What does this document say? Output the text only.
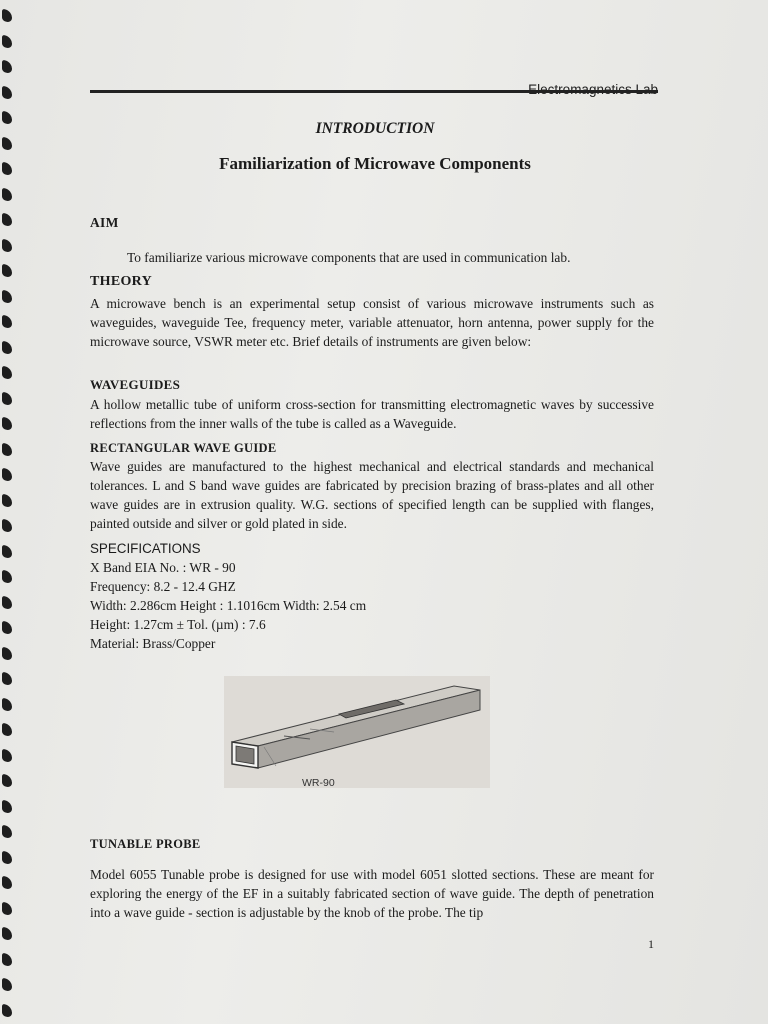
INTRODUCTION
Familiarization of Microwave Components
AIM
To familiarize various microwave components that are used in communication lab.
THEORY
A microwave bench is an experimental setup consist of various microwave instruments such as waveguides, waveguide Tee, frequency meter, variable attenuator, horn antenna, power supply for the microwave source, VSWR meter etc. Brief details of instruments are given below:
WAVEGUIDES
A hollow metallic tube of uniform cross-section for transmitting electromagnetic waves by successive reflections from the inner walls of the tube is called as a Waveguide.
RECTANGULAR WAVE GUIDE
Wave guides are manufactured to the highest mechanical and electrical standards and mechanical tolerances. L and S band wave guides are fabricated by precision brazing of brass-plates and all other wave guides are in extrusion quality. W.G. sections of specified length can be supplied with flanges, painted outside and silver or gold plated in side.
SPECIFICATIONS
X Band EIA No. : WR - 90
Frequency: 8.2 - 12.4 GHZ
Width: 2.286cm Height : 1.1016cm Width: 2.54 cm
Height: 1.27cm ± Tol. (µm) : 7.6
Material: Brass/Copper
WR-90
TUNABLE PROBE
Model 6055 Tunable probe is designed for use with model 6051 slotted sections. These are meant for exploring the energy of the EF in a suitably fabricated section of wave guide. The depth of penetration into a wave guide - section is adjustable by the knob of the probe. The tip
1
